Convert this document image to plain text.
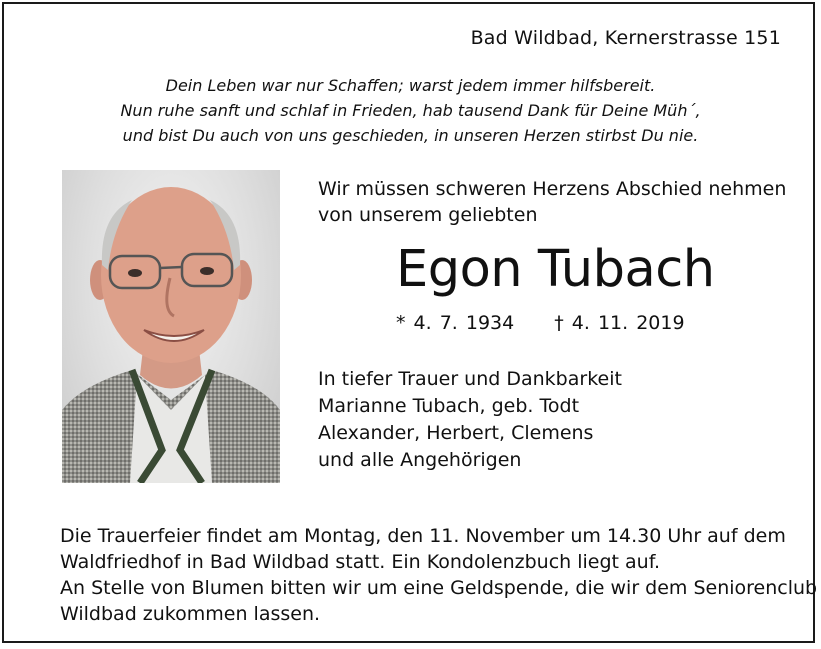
Bad Wildbad, Kernerstrasse 151
Dein Leben war nur Schaffen; warst jedem immer hilfsbereit.
Nun ruhe sanft und schlaf in Frieden, hab tausend Dank für Deine Müh´,
und bist Du auch von uns geschieden, in unseren Herzen stirbst Du nie.
Wir müssen schweren Herzens Abschied nehmen
von unserem geliebten
Egon Tubach
* 4. 7. 1934 † 4. 11. 2019
In tiefer Trauer und Dankbarkeit
Marianne Tubach, geb. Todt
Alexander, Herbert, Clemens
und alle Angehörigen
Die Trauerfeier findet am Montag, den 11. November um 14.30 Uhr auf dem
Waldfriedhof in Bad Wildbad statt. Ein Kondolenzbuch liegt auf.
An Stelle von Blumen bitten wir um eine Geldspende, die wir dem Seniorenclub
Wildbad zukommen lassen.
